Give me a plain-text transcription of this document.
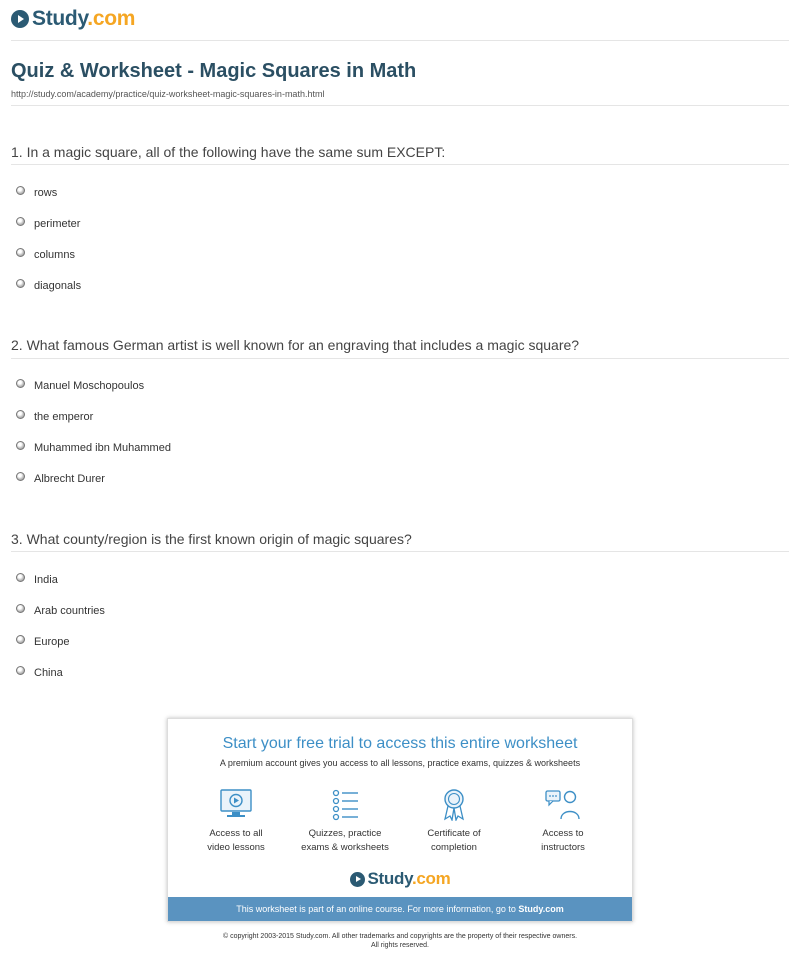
Study.com
Quiz & Worksheet - Magic Squares in Math
http://study.com/academy/practice/quiz-worksheet-magic-squares-in-math.html
1. In a magic square, all of the following have the same sum EXCEPT:
rows
perimeter
columns
diagonals
2. What famous German artist is well known for an engraving that includes a magic square?
Manuel Moschopoulos
the emperor
Muhammed ibn Muhammed
Albrecht Durer
3. What county/region is the first known origin of magic squares?
India
Arab countries
Europe
China
Start your free trial to access this entire worksheet
A premium account gives you access to all lessons, practice exams, quizzes & worksheets
Access to all
video lessons
Quizzes, practice
exams & worksheets
Certificate of
completion
Access to
instructors
Study.com
This worksheet is part of an online course. For more information, go to Study.com
© copyright 2003-2015 Study.com. All other trademarks and copyrights are the property of their respective owners.
All rights reserved.
